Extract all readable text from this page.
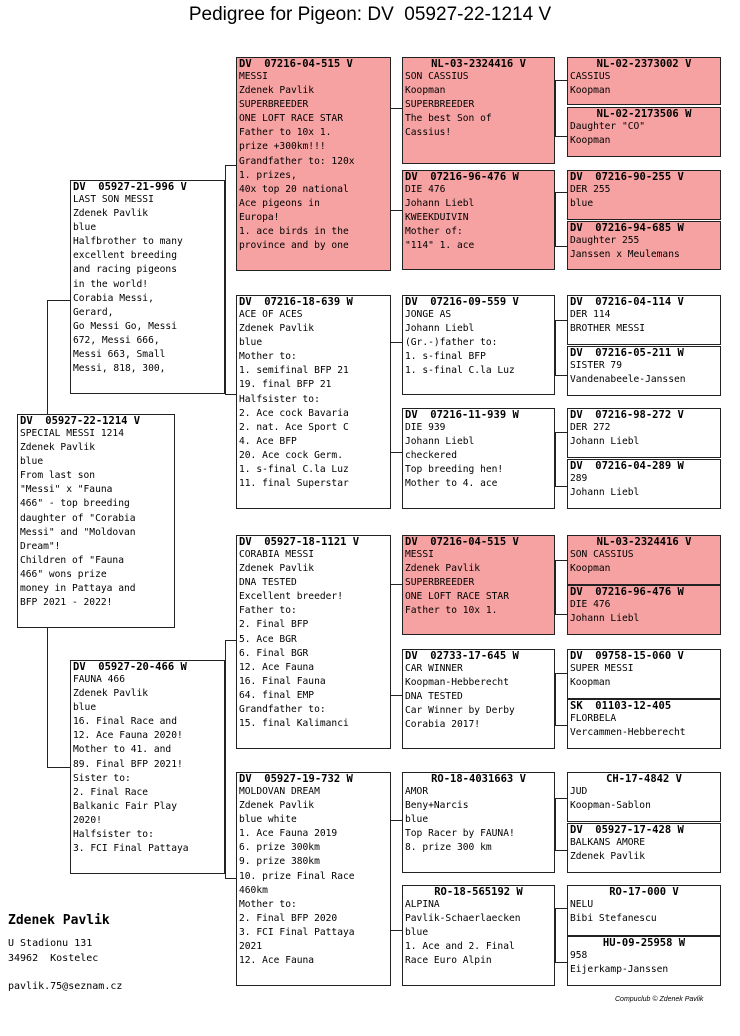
Pedigree for Pigeon: DV  05927-22-1214 V
DV  05927-22-1214 V
SPECIAL MESSI 1214
Zdenek Pavlik
blue
From last son
"Messi" x "Fauna
466" - top breeding
daughter of "Corabia
Messi" and "Moldovan
Dream"!
Children of "Fauna
466" wons prize
money in Pattaya and
BFP 2021 - 2022!
DV  05927-21-996 V
LAST SON MESSI
Zdenek Pavlik
blue
Halfbrother to many
excellent breeding
and racing pigeons
in the world!
Corabia Messi,
Gerard,
Go Messi Go, Messi
672, Messi 666,
Messi 663, Small
Messi, 818, 300,
DV  05927-20-466 W
FAUNA 466
Zdenek Pavlik
blue
16. Final Race and
12. Ace Fauna 2020!
Mother to 41. and
89. Final BFP 2021!
Sister to:
2. Final Race
Balkanic Fair Play
2020!
Halfsister to:
3. FCI Final Pattaya
DV  07216-04-515 V
MESSI
Zdenek Pavlik
SUPERBREEDER
ONE LOFT RACE STAR
Father to 10x 1.
prize +300km!!!
Grandfather to: 120x
1. prizes,
40x top 20 national
Ace pigeons in
Europa!
1. ace birds in the
province and by one
DV  07216-18-639 W
ACE OF ACES
Zdenek Pavlik
blue
Mother to:
1. semifinal BFP 21
19. final BFP 21
Halfsister to:
2. Ace cock Bavaria
2. nat. Ace Sport C
4. Ace BFP
20. Ace cock Germ.
1. s-final C.la Luz
11. final Superstar
DV  05927-18-1121 V
CORABIA MESSI
Zdenek Pavlik
DNA TESTED
Excellent breeder!
Father to:
2. Final BFP
5. Ace BGR
6. Final BGR
12. Ace Fauna
16. Final Fauna
64. final EMP
Grandfather to:
15. final Kalimanci
DV  05927-19-732 W
MOLDOVAN DREAM
Zdenek Pavlik
blue white
1. Ace Fauna 2019
6. prize 300km
9. prize 380km
10. prize Final Race
460km
Mother to:
2. Final BFP 2020
3. FCI Final Pattaya
2021
12. Ace Fauna
NL-03-2324416 V
SON CASSIUS
Koopman
SUPERBREEDER
The best Son of
Cassius!
DV  07216-96-476 W
DIE 476
Johann Liebl
KWEEKDUIVIN
Mother of:
"114" 1. ace
DV  07216-09-559 V
JONGE AS
Johann Liebl
(Gr.-)father to:
1. s-final BFP
1. s-final C.la Luz
DV  07216-11-939 W
DIE 939
Johann Liebl
checkered
Top breeding hen!
Mother to 4. ace
DV  07216-04-515 V
MESSI
Zdenek Pavlik
SUPERBREEDER
ONE LOFT RACE STAR
Father to 10x 1.
DV  02733-17-645 W
CAR WINNER
Koopman-Hebberecht
DNA TESTED
Car Winner by Derby
Corabia 2017!
RO-18-4031663 V
AMOR
Beny+Narcis
blue
Top Racer by FAUNA!
8. prize 300 km
RO-18-565192 W
ALPINA
Pavlik-Schaerlaecken
blue
1. Ace and 2. Final
Race Euro Alpin
NL-02-2373002 V
CASSIUS
Koopman
NL-02-2173506 W
Daughter "CO"
Koopman
DV  07216-90-255 V
DER 255
blue
DV  07216-94-685 W
Daughter 255
Janssen x Meulemans
DV  07216-04-114 V
DER 114
BROTHER MESSI
DV  07216-05-211 W
SISTER 79
Vandenabeele-Janssen
DV  07216-98-272 V
DER 272
Johann Liebl
DV  07216-04-289 W
289
Johann Liebl
NL-03-2324416 V
SON CASSIUS
Koopman
DV  07216-96-476 W
DIE 476
Johann Liebl
DV  09758-15-060 V
SUPER MESSI
Koopman
SK  01103-12-405
FLORBELA
Vercammen-Hebberecht
CH-17-4842 V
JUD
Koopman-Sablon
DV  05927-17-428 W
BALKANS AMORE
Zdenek Pavlik
RO-17-000 V
NELU
Bibi Stefanescu
HU-09-25958 W
958
Eijerkamp-Janssen
Zdenek Pavlik
U Stadionu 131
34962  Kostelec
pavlik.75@seznam.cz
Compuclub © Zdenek Pavlik
